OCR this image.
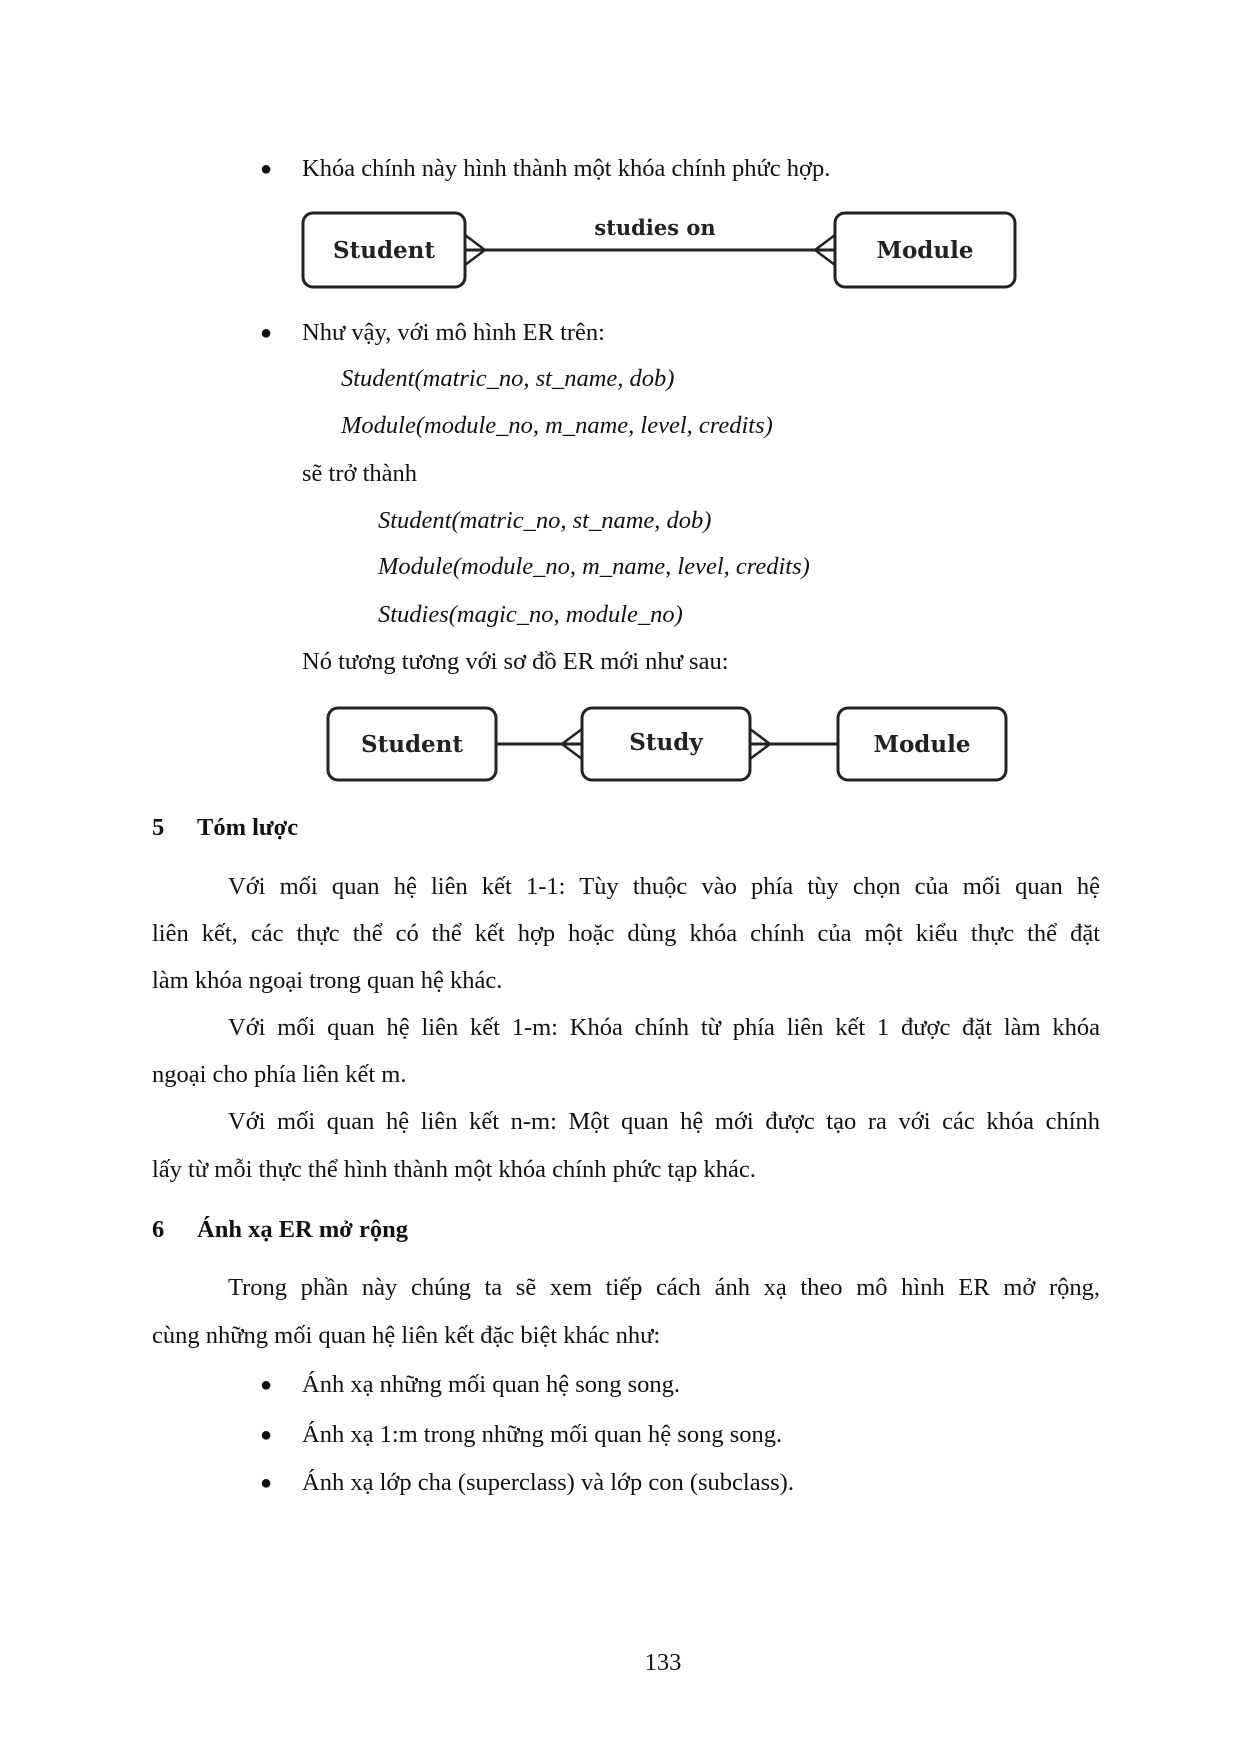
● Khóa chính này hình thành một khóa chính phức hợp.
Student	Module
studies on
● Như vậy, với mô hình ER trên:
Student(matric_no, st_name, dob)
Module(module_no, m_name, level, credits)
sẽ trở thành
Student(matric_no, st_name, dob)
Module(module_no, m_name, level, credits)
Studies(magic_no, module_no)
Nó tương tương với sơ đồ ER mới như sau:
Student	Study	Module
5 Tóm lược
Với mối quan hệ liên kết 1-1: Tùy thuộc vào phía tùy chọn của mối quan hệ
liên kết, các thực thể có thể kết hợp hoặc dùng khóa chính của một kiểu thực thể đặt
làm khóa ngoại trong quan hệ khác.
Với mối quan hệ liên kết 1-m: Khóa chính từ phía liên kết 1 được đặt làm khóa
ngoại cho phía liên kết m.
Với mối quan hệ liên kết n-m: Một quan hệ mới được tạo ra với các khóa chính
lấy từ mỗi thực thể hình thành một khóa chính phức tạp khác.
6 Ánh xạ ER mở rộng
Trong phần này chúng ta sẽ xem tiếp cách ánh xạ theo mô hình ER mở rộng,
cùng những mối quan hệ liên kết đặc biệt khác như:
● Ánh xạ những mối quan hệ song song.
● Ánh xạ 1:m trong những mối quan hệ song song.
● Ánh xạ lớp cha (superclass) và lớp con (subclass).
133
